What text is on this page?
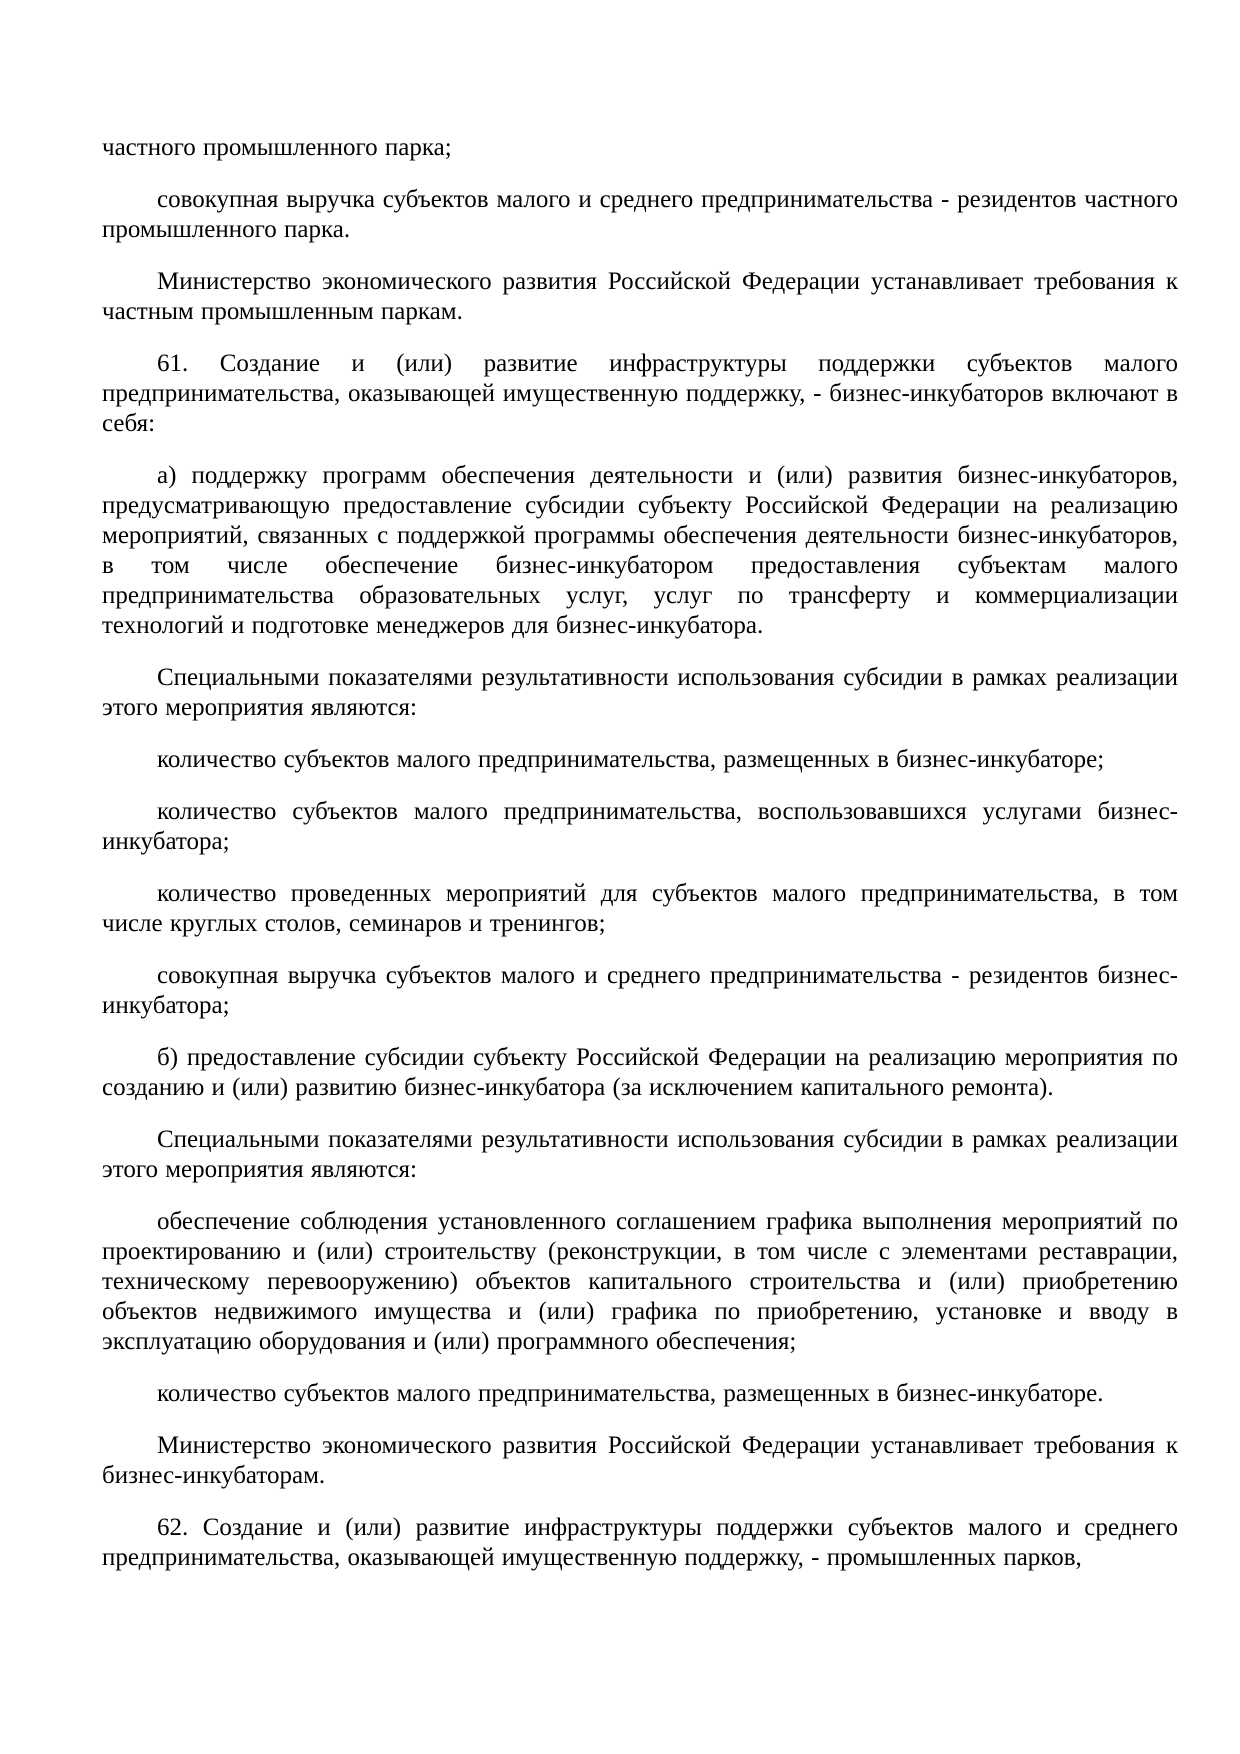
частного промышленного парка;

совокупная выручка субъектов малого и среднего предпринимательства - резидентов частного промышленного парка.

Министерство экономического развития Российской Федерации устанавливает требования к частным промышленным паркам.

61. Создание и (или) развитие инфраструктуры поддержки субъектов малого предпринимательства, оказывающей имущественную поддержку, - бизнес-инкубаторов включают в себя:

а) поддержку программ обеспечения деятельности и (или) развития бизнес-инкубаторов, предусматривающую предоставление субсидии субъекту Российской Федерации на реализацию мероприятий, связанных с поддержкой программы обеспечения деятельности бизнес-инкубаторов, в том числе обеспечение бизнес-инкубатором предоставления субъектам малого предпринимательства образовательных услуг, услуг по трансферту и коммерциализации технологий и подготовке менеджеров для бизнес-инкубатора.

Специальными показателями результативности использования субсидии в рамках реализации этого мероприятия являются:

количество субъектов малого предпринимательства, размещенных в бизнес-инкубаторе;

количество субъектов малого предпринимательства, воспользовавшихся услугами бизнес-инкубатора;

количество проведенных мероприятий для субъектов малого предпринимательства, в том числе круглых столов, семинаров и тренингов;

совокупная выручка субъектов малого и среднего предпринимательства - резидентов бизнес-инкубатора;

б) предоставление субсидии субъекту Российской Федерации на реализацию мероприятия по созданию и (или) развитию бизнес-инкубатора (за исключением капитального ремонта).

Специальными показателями результативности использования субсидии в рамках реализации этого мероприятия являются:

обеспечение соблюдения установленного соглашением графика выполнения мероприятий по проектированию и (или) строительству (реконструкции, в том числе с элементами реставрации, техническому перевооружению) объектов капитального строительства и (или) приобретению объектов недвижимого имущества и (или) графика по приобретению, установке и вводу в эксплуатацию оборудования и (или) программного обеспечения;

количество субъектов малого предпринимательства, размещенных в бизнес-инкубаторе.

Министерство экономического развития Российской Федерации устанавливает требования к бизнес-инкубаторам.

62. Создание и (или) развитие инфраструктуры поддержки субъектов малого и среднего предпринимательства, оказывающей имущественную поддержку, - промышленных парков,
